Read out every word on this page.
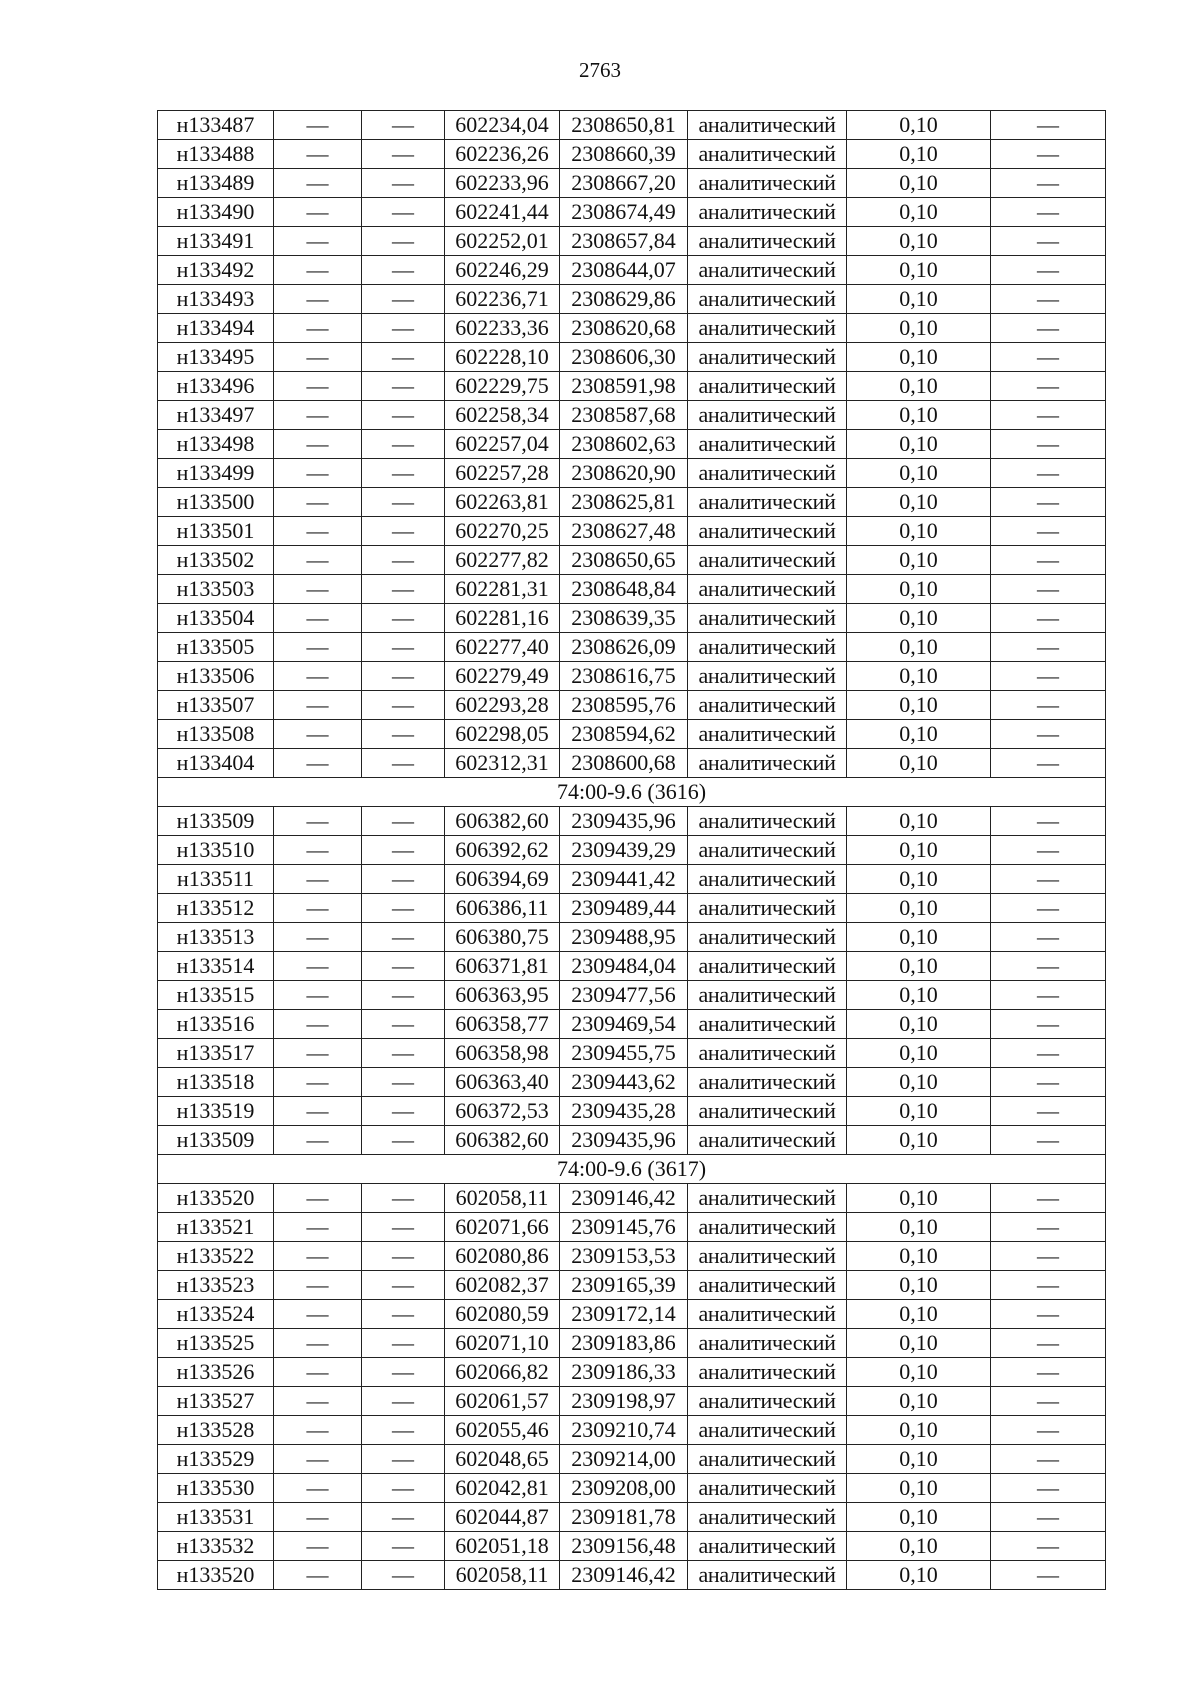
2763
н133487	—	—	602234,04	2308650,81	аналитический	0,10	—
н133488	—	—	602236,26	2308660,39	аналитический	0,10	—
н133489	—	—	602233,96	2308667,20	аналитический	0,10	—
н133490	—	—	602241,44	2308674,49	аналитический	0,10	—
н133491	—	—	602252,01	2308657,84	аналитический	0,10	—
н133492	—	—	602246,29	2308644,07	аналитический	0,10	—
н133493	—	—	602236,71	2308629,86	аналитический	0,10	—
н133494	—	—	602233,36	2308620,68	аналитический	0,10	—
н133495	—	—	602228,10	2308606,30	аналитический	0,10	—
н133496	—	—	602229,75	2308591,98	аналитический	0,10	—
н133497	—	—	602258,34	2308587,68	аналитический	0,10	—
н133498	—	—	602257,04	2308602,63	аналитический	0,10	—
н133499	—	—	602257,28	2308620,90	аналитический	0,10	—
н133500	—	—	602263,81	2308625,81	аналитический	0,10	—
н133501	—	—	602270,25	2308627,48	аналитический	0,10	—
н133502	—	—	602277,82	2308650,65	аналитический	0,10	—
н133503	—	—	602281,31	2308648,84	аналитический	0,10	—
н133504	—	—	602281,16	2308639,35	аналитический	0,10	—
н133505	—	—	602277,40	2308626,09	аналитический	0,10	—
н133506	—	—	602279,49	2308616,75	аналитический	0,10	—
н133507	—	—	602293,28	2308595,76	аналитический	0,10	—
н133508	—	—	602298,05	2308594,62	аналитический	0,10	—
н133404	—	—	602312,31	2308600,68	аналитический	0,10	—
74:00-9.6 (3616)							
н133509	—	—	606382,60	2309435,96	аналитический	0,10	—
н133510	—	—	606392,62	2309439,29	аналитический	0,10	—
н133511	—	—	606394,69	2309441,42	аналитический	0,10	—
н133512	—	—	606386,11	2309489,44	аналитический	0,10	—
н133513	—	—	606380,75	2309488,95	аналитический	0,10	—
н133514	—	—	606371,81	2309484,04	аналитический	0,10	—
н133515	—	—	606363,95	2309477,56	аналитический	0,10	—
н133516	—	—	606358,77	2309469,54	аналитический	0,10	—
н133517	—	—	606358,98	2309455,75	аналитический	0,10	—
н133518	—	—	606363,40	2309443,62	аналитический	0,10	—
н133519	—	—	606372,53	2309435,28	аналитический	0,10	—
н133509	—	—	606382,60	2309435,96	аналитический	0,10	—
74:00-9.6 (3617)							
н133520	—	—	602058,11	2309146,42	аналитический	0,10	—
н133521	—	—	602071,66	2309145,76	аналитический	0,10	—
н133522	—	—	602080,86	2309153,53	аналитический	0,10	—
н133523	—	—	602082,37	2309165,39	аналитический	0,10	—
н133524	—	—	602080,59	2309172,14	аналитический	0,10	—
н133525	—	—	602071,10	2309183,86	аналитический	0,10	—
н133526	—	—	602066,82	2309186,33	аналитический	0,10	—
н133527	—	—	602061,57	2309198,97	аналитический	0,10	—
н133528	—	—	602055,46	2309210,74	аналитический	0,10	—
н133529	—	—	602048,65	2309214,00	аналитический	0,10	—
н133530	—	—	602042,81	2309208,00	аналитический	0,10	—
н133531	—	—	602044,87	2309181,78	аналитический	0,10	—
н133532	—	—	602051,18	2309156,48	аналитический	0,10	—
н133520	—	—	602058,11	2309146,42	аналитический	0,10	—
